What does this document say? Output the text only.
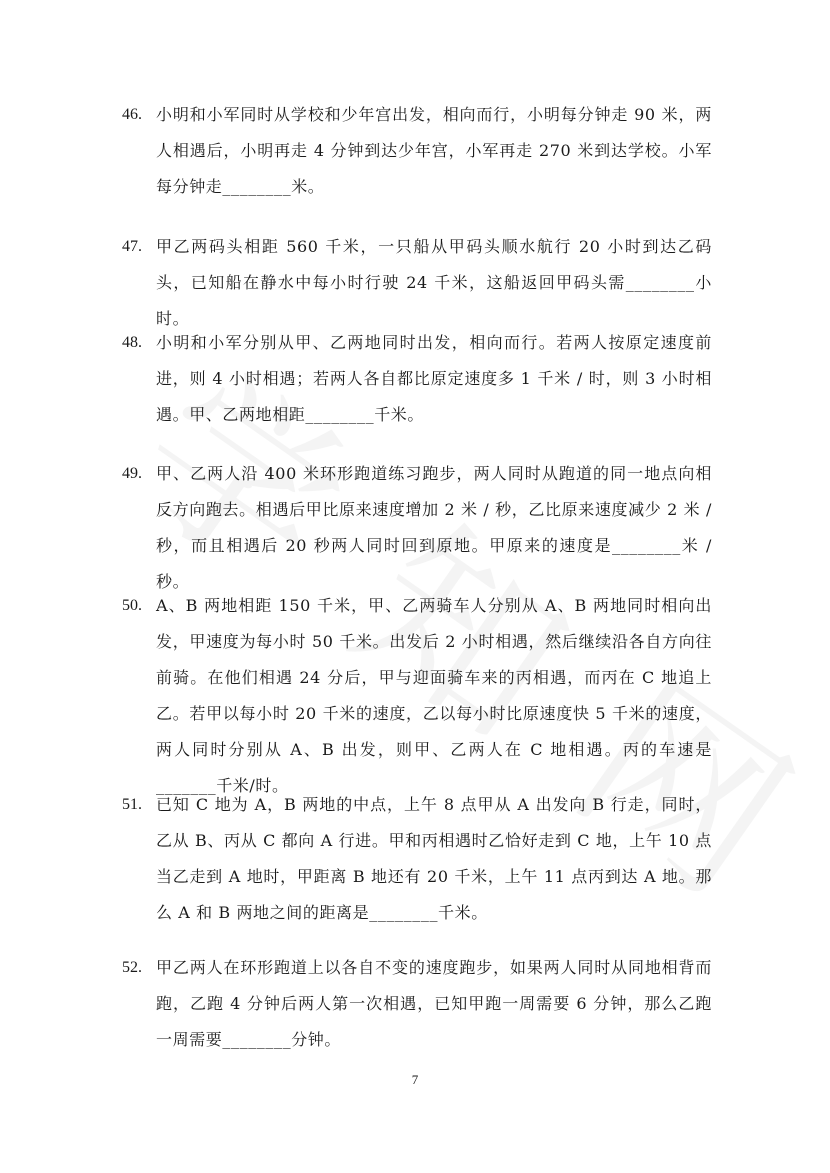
46. 小明和小军同时从学校和少年宫出发，相向而行，小明每分钟走 90 米，两人相遇后，小明再走 4 分钟到达少年宫，小军再走 270 米到达学校。小军每分钟走________米。
47. 甲乙两码头相距 560 千米，一只船从甲码头顺水航行 20 小时到达乙码头，已知船在静水中每小时行驶 24 千米，这船返回甲码头需________小时。
48. 小明和小军分别从甲、乙两地同时出发，相向而行。若两人按原定速度前进，则 4 小时相遇；若两人各自都比原定速度多 1 千米 / 时，则 3 小时相遇。甲、乙两地相距________千米。
49. 甲、乙两人沿 400 米环形跑道练习跑步，两人同时从跑道的同一地点向相反方向跑去。相遇后甲比原来速度增加 2 米 / 秒，乙比原来速度减少 2 米 / 秒，而且相遇后 20 秒两人同时回到原地。甲原来的速度是________米 / 秒。
50. A、B 两地相距 150 千米，甲、乙两骑车人分别从 A、B 两地同时相向出发，甲速度为每小时 50 千米。出发后 2 小时相遇，然后继续沿各自方向往前骑。在他们相遇 24 分后，甲与迎面骑车来的丙相遇，而丙在 C 地追上乙。若甲以每小时 20 千米的速度，乙以每小时比原速度快 5 千米的速度，两人同时分别从 A、B 出发，则甲、乙两人在 C 地相遇。丙的车速是_______千米/时。
51. 已知 C 地为 A，B 两地的中点，上午 8 点甲从 A 出发向 B 行走，同时，乙从 B、丙从 C 都向 A 行进。甲和丙相遇时乙恰好走到 C 地，上午 10 点当乙走到 A 地时，甲距离 B 地还有 20 千米，上午 11 点丙到达 A 地。那么 A 和 B 两地之间的距离是________千米。
52. 甲乙两人在环形跑道上以各自不变的速度跑步，如果两人同时从同地相背而跑，乙跑 4 分钟后两人第一次相遇，已知甲跑一周需要 6 分钟，那么乙跑一周需要________分钟。
7
